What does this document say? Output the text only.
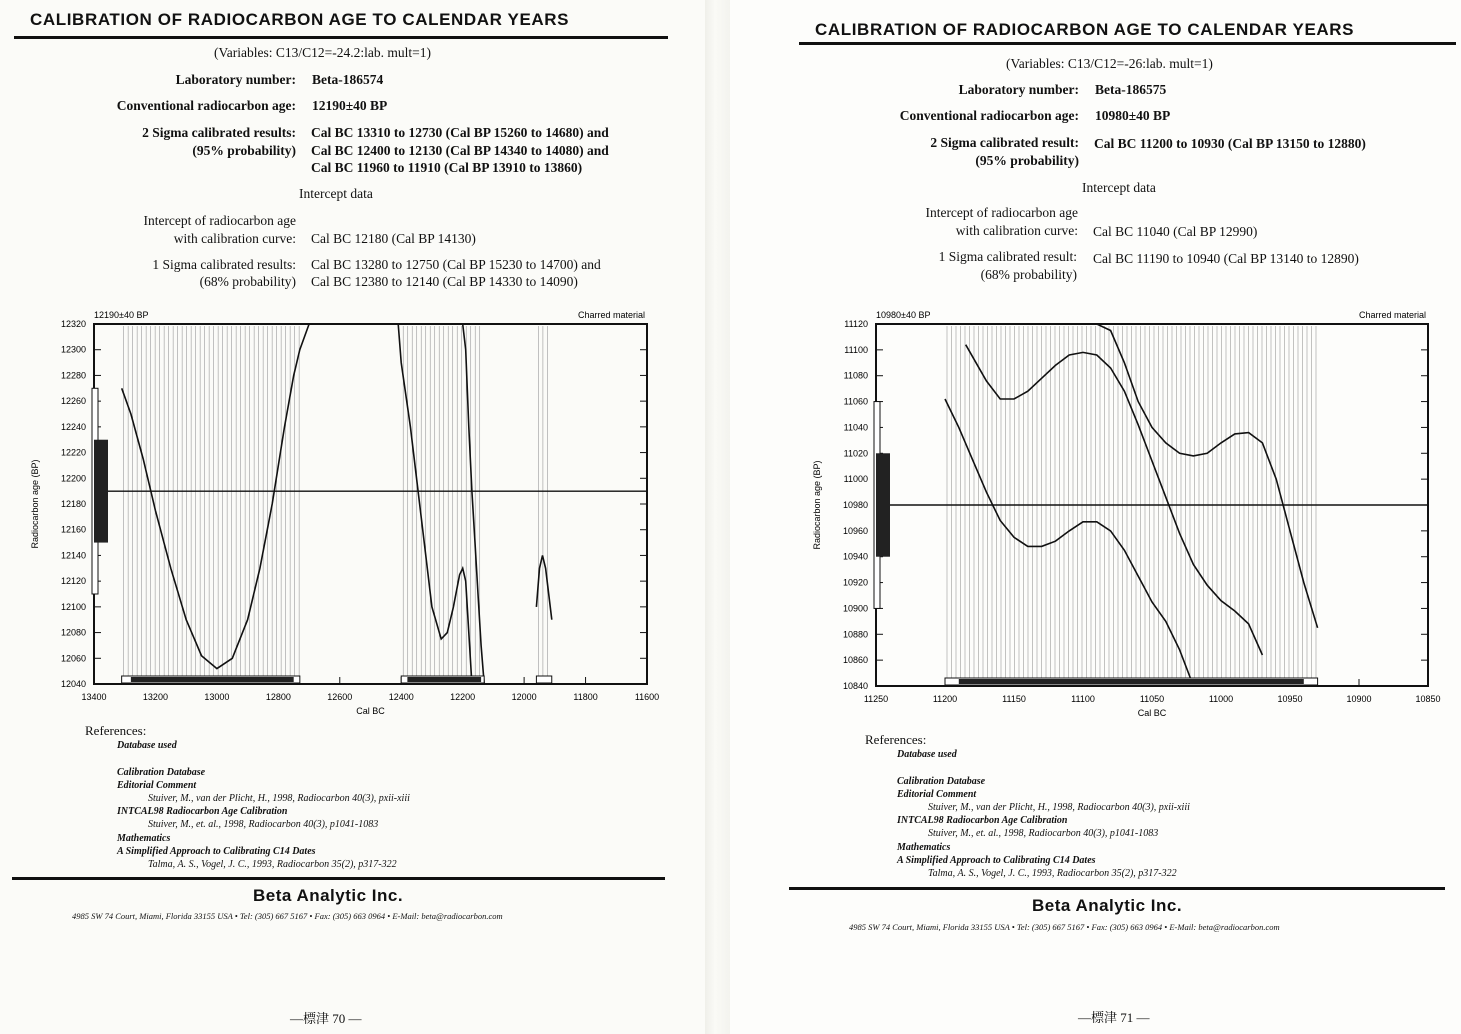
CALIBRATION OF RADIOCARBON AGE TO CALENDAR YEARS
(Variables: C13/C12=-24.2:lab. mult=1)
Laboratory number: Beta-186574
Conventional radiocarbon age: 12190±40 BP
2 Sigma calibrated results:
(95% probability)
Cal BC 13310 to 12730 (Cal BP 15260 to 14680) and
Cal BC 12400 to 12130 (Cal BP 14340 to 14080) and
Cal BC 11960 to 11910 (Cal BP 13910 to 13860)
Intercept data
Intercept of radiocarbon age
with calibration curve: Cal BC 12180 (Cal BP 14130)
1 Sigma calibrated results:
(68% probability)
Cal BC 13280 to 12750 (Cal BP 15230 to 14700) and
Cal BC 12380 to 12140 (Cal BP 14330 to 14090)
12040
12060
12080
12100
12120
12140
12160
12180
12200
12220
12240
12260
12280
12300
12320
13400	13200	13000	12800	12600	12400	12200	12000	11800	11600
12190±40 BP	Charred material
Cal BC
Radiocarbon age (BP)
References:
Database used

Calibration Database
Editorial Comment
Stuiver, M., van der Plicht, H., 1998, Radiocarbon 40(3), pxii-xiii
INTCAL98 Radiocarbon Age Calibration
Stuiver, M., et. al., 1998, Radiocarbon 40(3), p1041-1083
Mathematics
A Simplified Approach to Calibrating C14 Dates
Talma, A. S., Vogel, J. C., 1993, Radiocarbon 35(2), p317-322
Beta Analytic Inc.
4985 SW 74 Court, Miami, Florida 33155 USA • Tel: (305) 667 5167 • Fax: (305) 663 0964 • E-Mail: beta@radiocarbon.com
—標津 70 —
CALIBRATION OF RADIOCARBON AGE TO CALENDAR YEARS
(Variables: C13/C12=-26:lab. mult=1)
Laboratory number: Beta-186575
Conventional radiocarbon age: 10980±40 BP
2 Sigma calibrated result:
(95% probability)
Cal BC 11200 to 10930 (Cal BP 13150 to 12880)
Intercept data
Intercept of radiocarbon age
with calibration curve: Cal BC 11040 (Cal BP 12990)
1 Sigma calibrated result:
(68% probability)
Cal BC 11190 to 10940 (Cal BP 13140 to 12890)
10840
10860
10880
10900
10920
10940
10960
10980
11000
11020
11040
11060
11080
11100
11120
11250	11200	11150	11100	11050	11000	10950	10900	10850
10980±40 BP	Charred material
Cal BC
Radiocarbon age (BP)
References:
Database used

Calibration Database
Editorial Comment
Stuiver, M., van der Plicht, H., 1998, Radiocarbon 40(3), pxii-xiii
INTCAL98 Radiocarbon Age Calibration
Stuiver, M., et. al., 1998, Radiocarbon 40(3), p1041-1083
Mathematics
A Simplified Approach to Calibrating C14 Dates
Talma, A. S., Vogel, J. C., 1993, Radiocarbon 35(2), p317-322
Beta Analytic Inc.
4985 SW 74 Court, Miami, Florida 33155 USA • Tel: (305) 667 5167 • Fax: (305) 663 0964 • E-Mail: beta@radiocarbon.com
—標津 71 —
